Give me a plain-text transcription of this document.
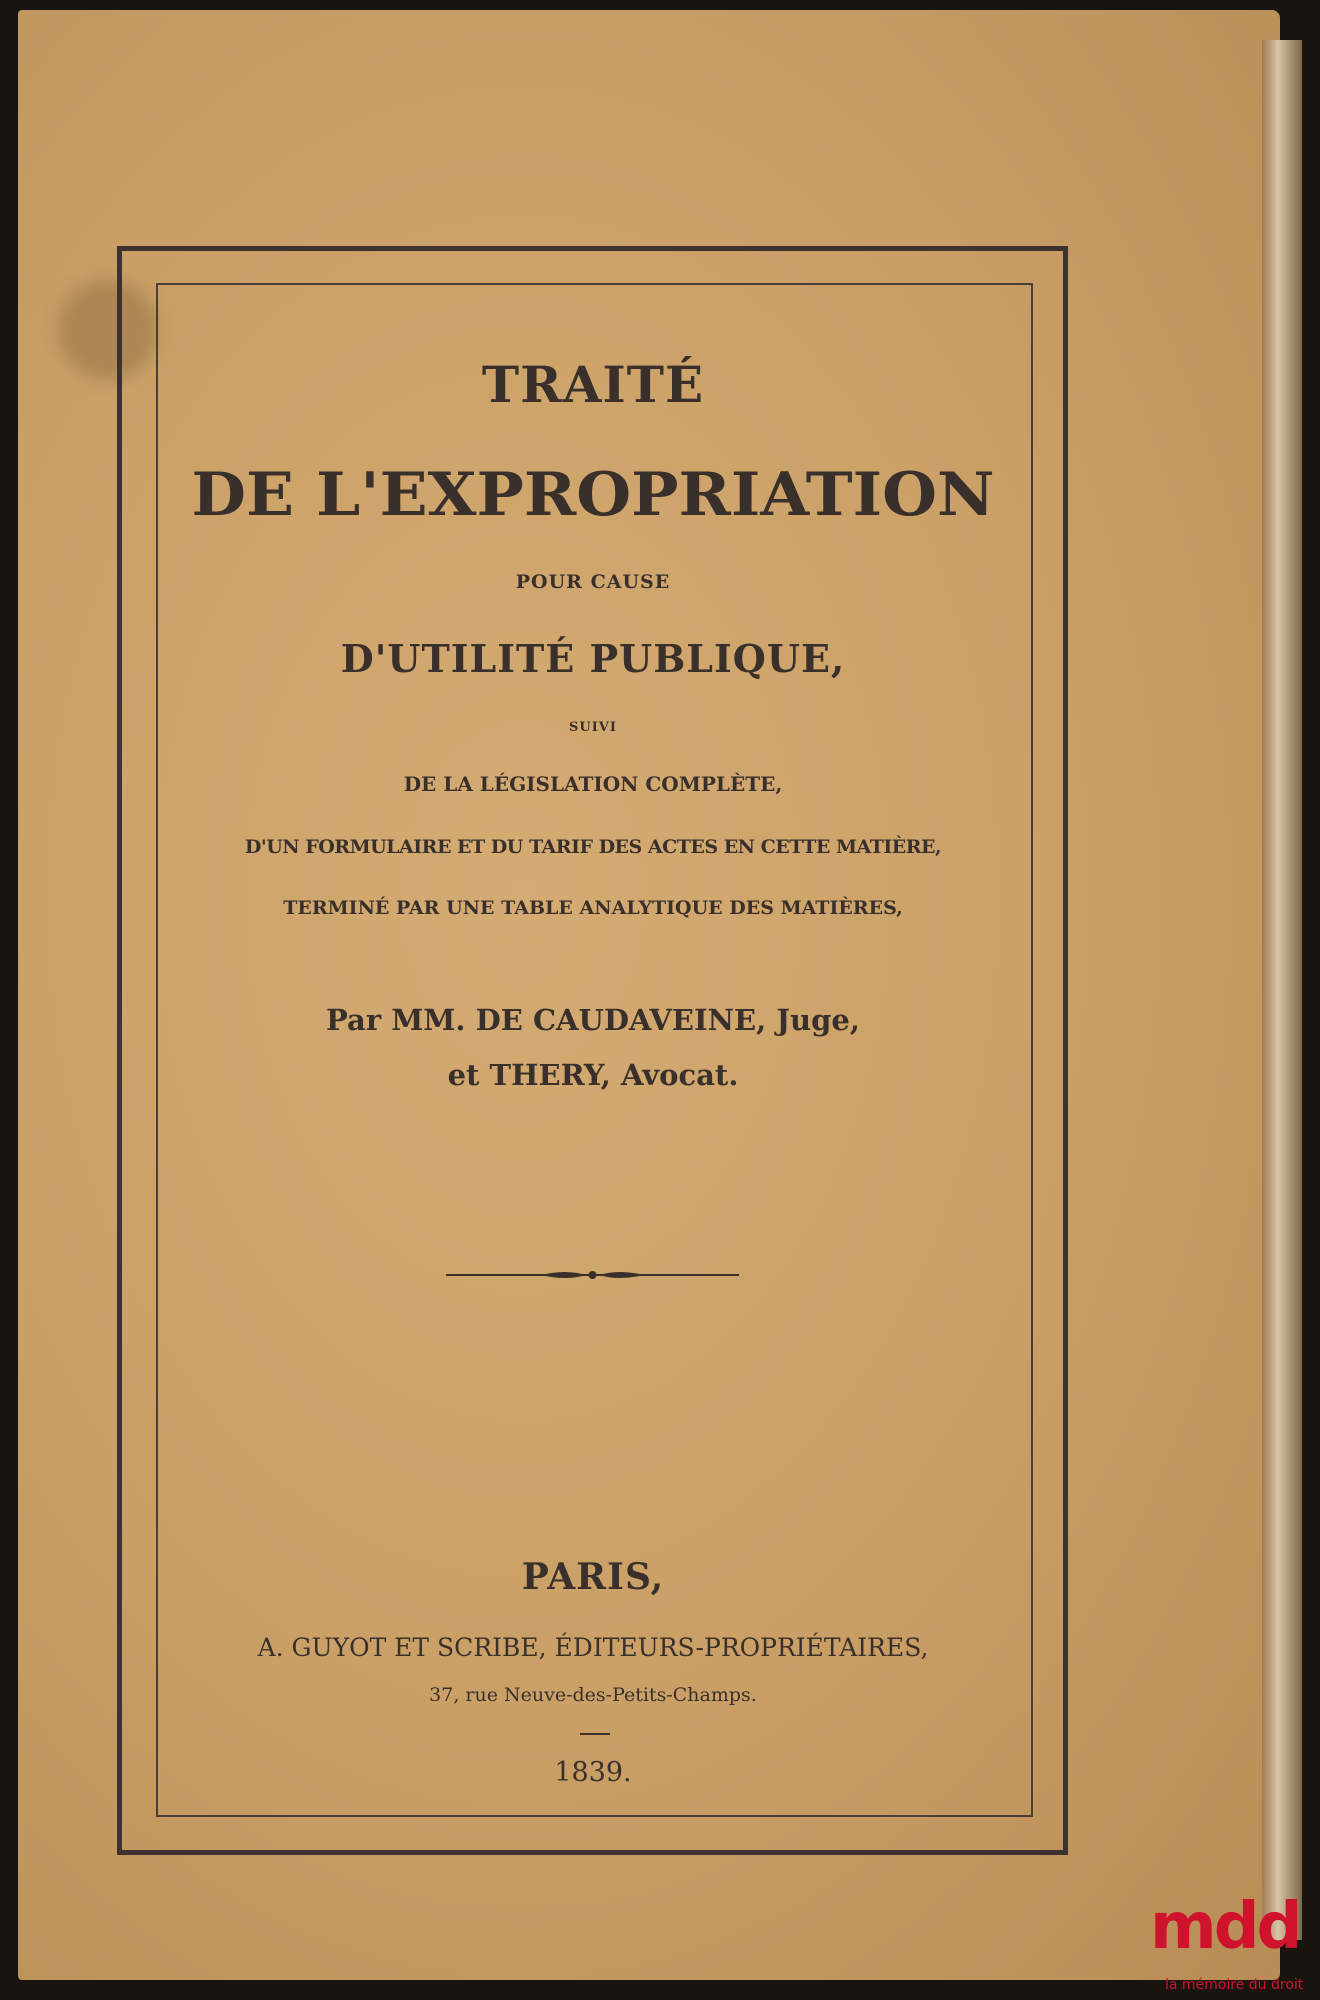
TRAITÉ
DE L'EXPROPRIATION
POUR CAUSE
D'UTILITÉ PUBLIQUE,
SUIVI
DE LA LÉGISLATION COMPLÈTE,
D'UN FORMULAIRE ET DU TARIF DES ACTES EN CETTE MATIÈRE,
TERMINÉ PAR UNE TABLE ANALYTIQUE DES MATIÈRES,
Par MM. DE CAUDAVEINE, Juge,
et THERY, Avocat.
PARIS,
A. GUYOT ET SCRIBE, ÉDITEURS-PROPRIÉTAIRES,
37, rue Neuve-des-Petits-Champs.
1839.
mdd
la mémoire du droit
